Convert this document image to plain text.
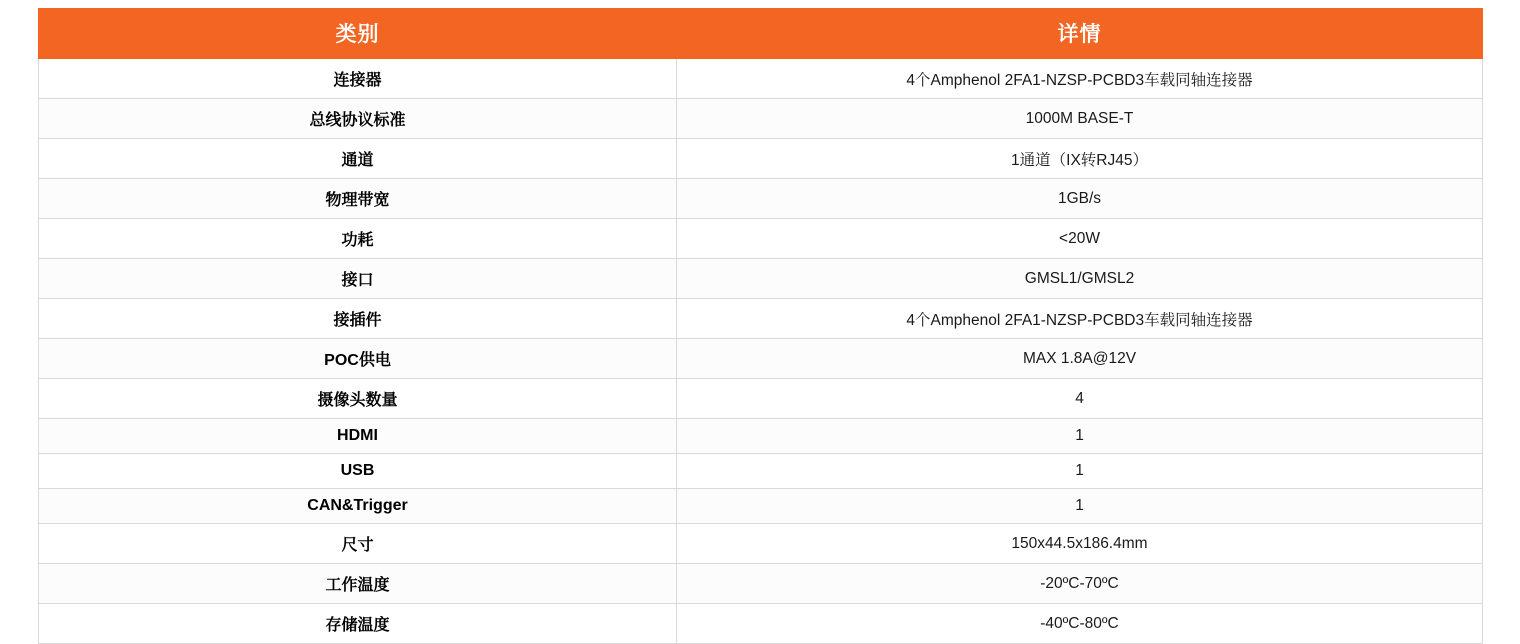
类别	详情
连接器	4个Amphenol 2FA1-NZSP-PCBD3车载同轴连接器
总线协议标准	1000M BASE-T
通道	1通道（IX转RJ45）
物理带宽	1GB/s
功耗	<20W
接口	GMSL1/GMSL2
接插件	4个Amphenol 2FA1-NZSP-PCBD3车载同轴连接器
POC供电	MAX 1.8A@12V
摄像头数量	4
HDMI	1
USB	1
CAN&Trigger	1
尺寸	150x44.5x186.4mm
工作温度	-20ºC-70ºC
存储温度	-40ºC-80ºC
